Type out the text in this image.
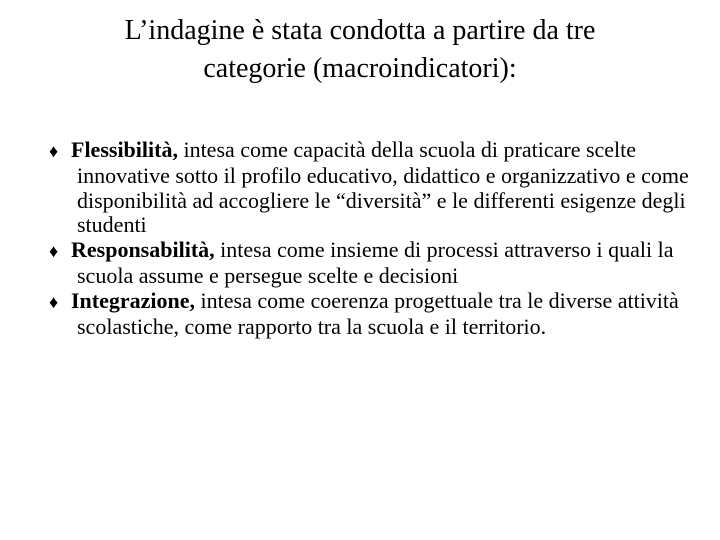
L’indagine è stata condotta a partire da tre
categorie (macroindicatori):
♦ Flessibilità, intesa come capacità della scuola di praticare scelte innovative sotto il profilo educativo, didattico e organizzativo e come disponibilità ad accogliere le “diversità” e le differenti esigenze degli studenti
♦ Responsabilità, intesa come insieme di processi attraverso i quali la scuola assume e persegue scelte e decisioni
♦ Integrazione, intesa come coerenza progettuale tra le diverse attività scolastiche, come rapporto tra la scuola e il territorio.
